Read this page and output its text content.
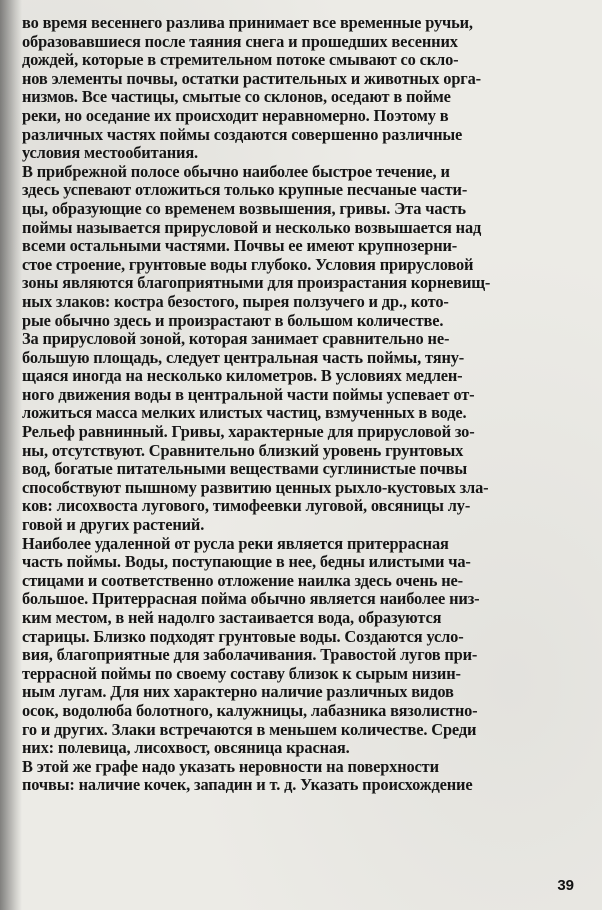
во время весеннего разлива принимает все временные ручьи,
образовавшиеся после таяния снега и прошедших весенних
дождей, которые в стремительном потоке смывают со скло-
нов элементы почвы, остатки растительных и животных орга-
низмов. Все частицы, смытые со склонов, оседают в пойме
реки, но оседание их происходит неравномерно. Поэтому в
различных частях поймы создаются совершенно различные
условия местообитания.

В прибрежной полосе обычно наиболее быстрое течение, и
здесь успевают отложиться только крупные песчаные части-
цы, образующие со временем возвышения, гривы. Эта часть
поймы называется прирусловой и несколько возвышается над
всеми остальными частями. Почвы ее имеют крупнозерни-
стое строение, грунтовые воды глубоко. Условия прирусловой
зоны являются благоприятными для произрастания корневищ-
ных злаков: костра безостого, пырея ползучего и др., кото-
рые обычно здесь и произрастают в большом количестве.

За прирусловой зоной, которая занимает сравнительно не-
большую площадь, следует центральная часть поймы, тяну-
щаяся иногда на несколько километров. В условиях медлен-
ного движения воды в центральной части поймы успевает от-
ложиться масса мелких илистых частиц, взмученных в воде.
Рельеф равнинный. Гривы, характерные для прирусловой зо-
ны, отсутствуют. Сравнительно близкий уровень грунтовых
вод, богатые питательными веществами суглинистые почвы
способствуют пышному развитию ценных рыхло-кустовых зла-
ков: лисохвоста лугового, тимофеевки луговой, овсяницы лу-
говой и других растений.

Наиболее удаленной от русла реки является притеррасная
часть поймы. Воды, поступающие в нее, бедны илистыми ча-
стицами и соответственно отложение наилка здесь очень не-
большое. Притеррасная пойма обычно является наиболее низ-
ким местом, в ней надолго застаивается вода, образуются
старицы. Близко подходят грунтовые воды. Создаются усло-
вия, благоприятные для заболачивания. Травостой лугов при-
террасной поймы по своему составу близок к сырым низин-
ным лугам. Для них характерно наличие различных видов
осок, водолюба болотного, калужницы, лабазника вязолистно-
го и других. Злаки встречаются в меньшем количестве. Среди
них: полевица, лисохвост, овсяница красная.

В этой же графе надо указать неровности на поверхности
почвы: наличие кочек, западин и т. д. Указать происхождение

39
